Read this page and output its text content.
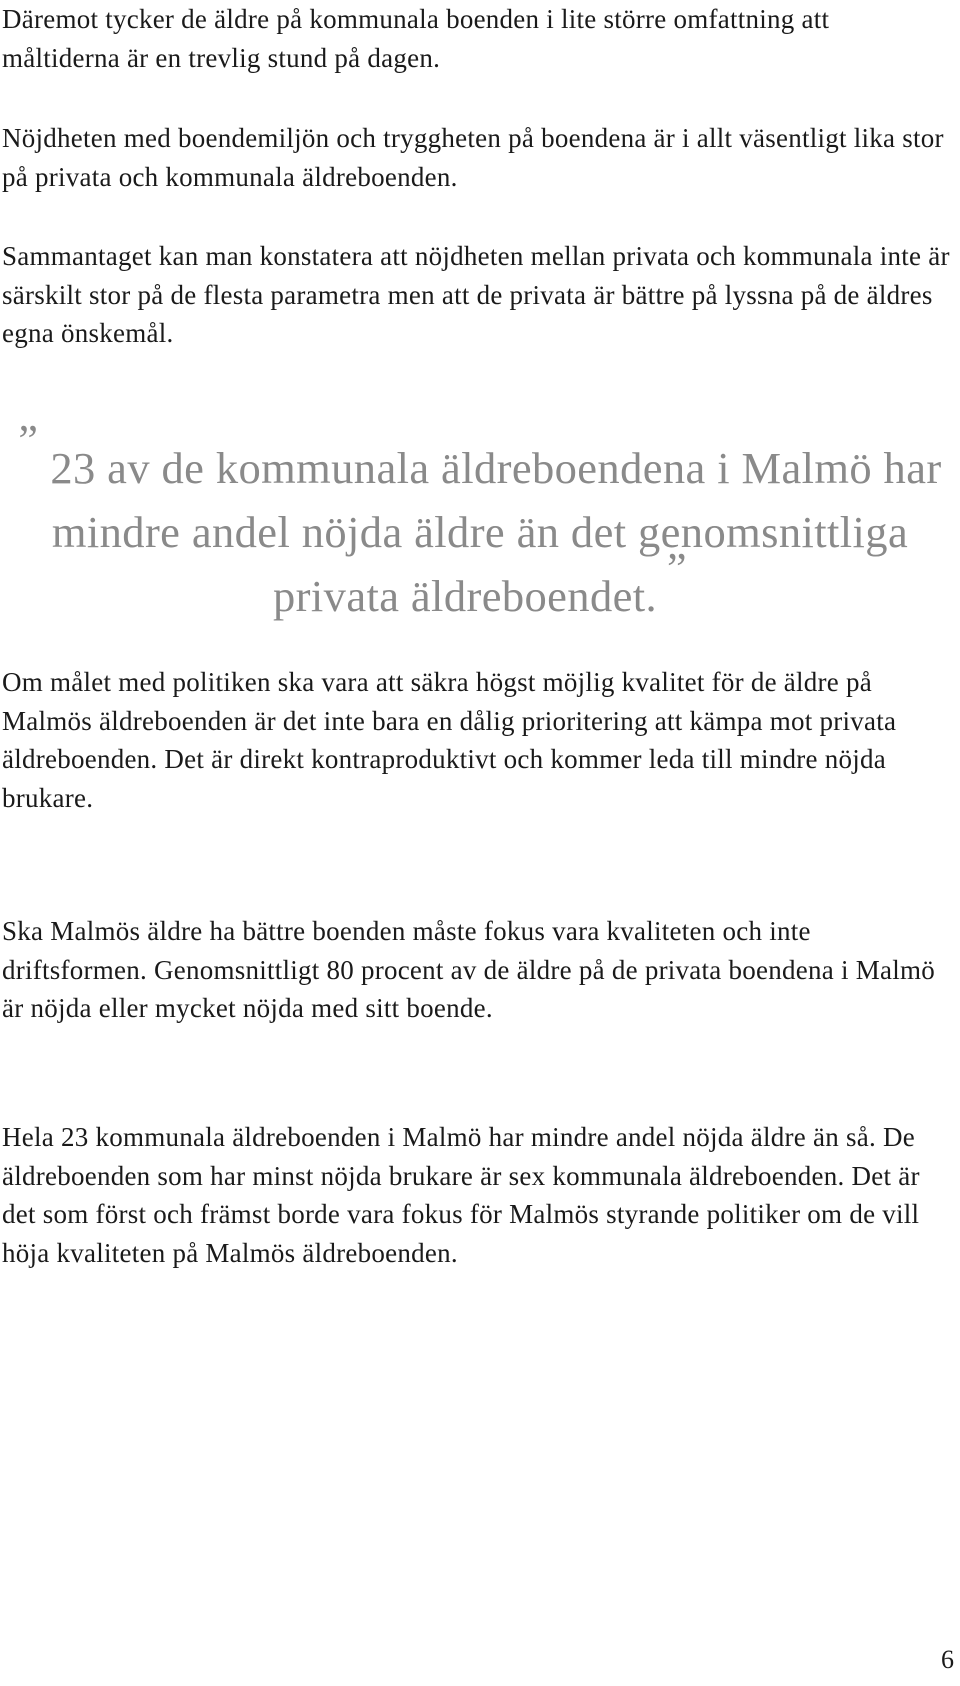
Däremot tycker de äldre på kommunala boenden i lite större omfattning att måltiderna är en trevlig stund på dagen.

Nöjdheten med boendemiljön och tryggheten på boendena är i allt väsentligt lika stor på privata och kommunala äldreboenden.

Sammantaget kan man konstatera att nöjdheten mellan privata och kommunala inte är särskilt stor på de flesta parametra men att de privata är bättre på lyssna på de äldres egna önskemål.

”23 av de kommunala äldreboendena i Malmö har mindre andel nöjda äldre än det genomsnittliga privata äldreboendet.”

Om målet med politiken ska vara att säkra högst möjlig kvalitet för de äldre på Malmös äldreboenden är det inte bara en dålig prioritering att kämpa mot privata äldreboenden. Det är direkt kontraproduktivt och kommer leda till mindre nöjda brukare.

Ska Malmös äldre ha bättre boenden måste fokus vara kvaliteten och inte driftsformen. Genomsnittligt 80 procent av de äldre på de privata boendena i Malmö är nöjda eller mycket nöjda med sitt boende.

Hela 23 kommunala äldreboenden i Malmö har mindre andel nöjda äldre än så. De äldreboenden som har minst nöjda brukare är sex kommunala äldreboenden. Det är det som först och främst borde vara fokus för Malmös styrande politiker om de vill höja kvaliteten på Malmös äldreboenden.

6
